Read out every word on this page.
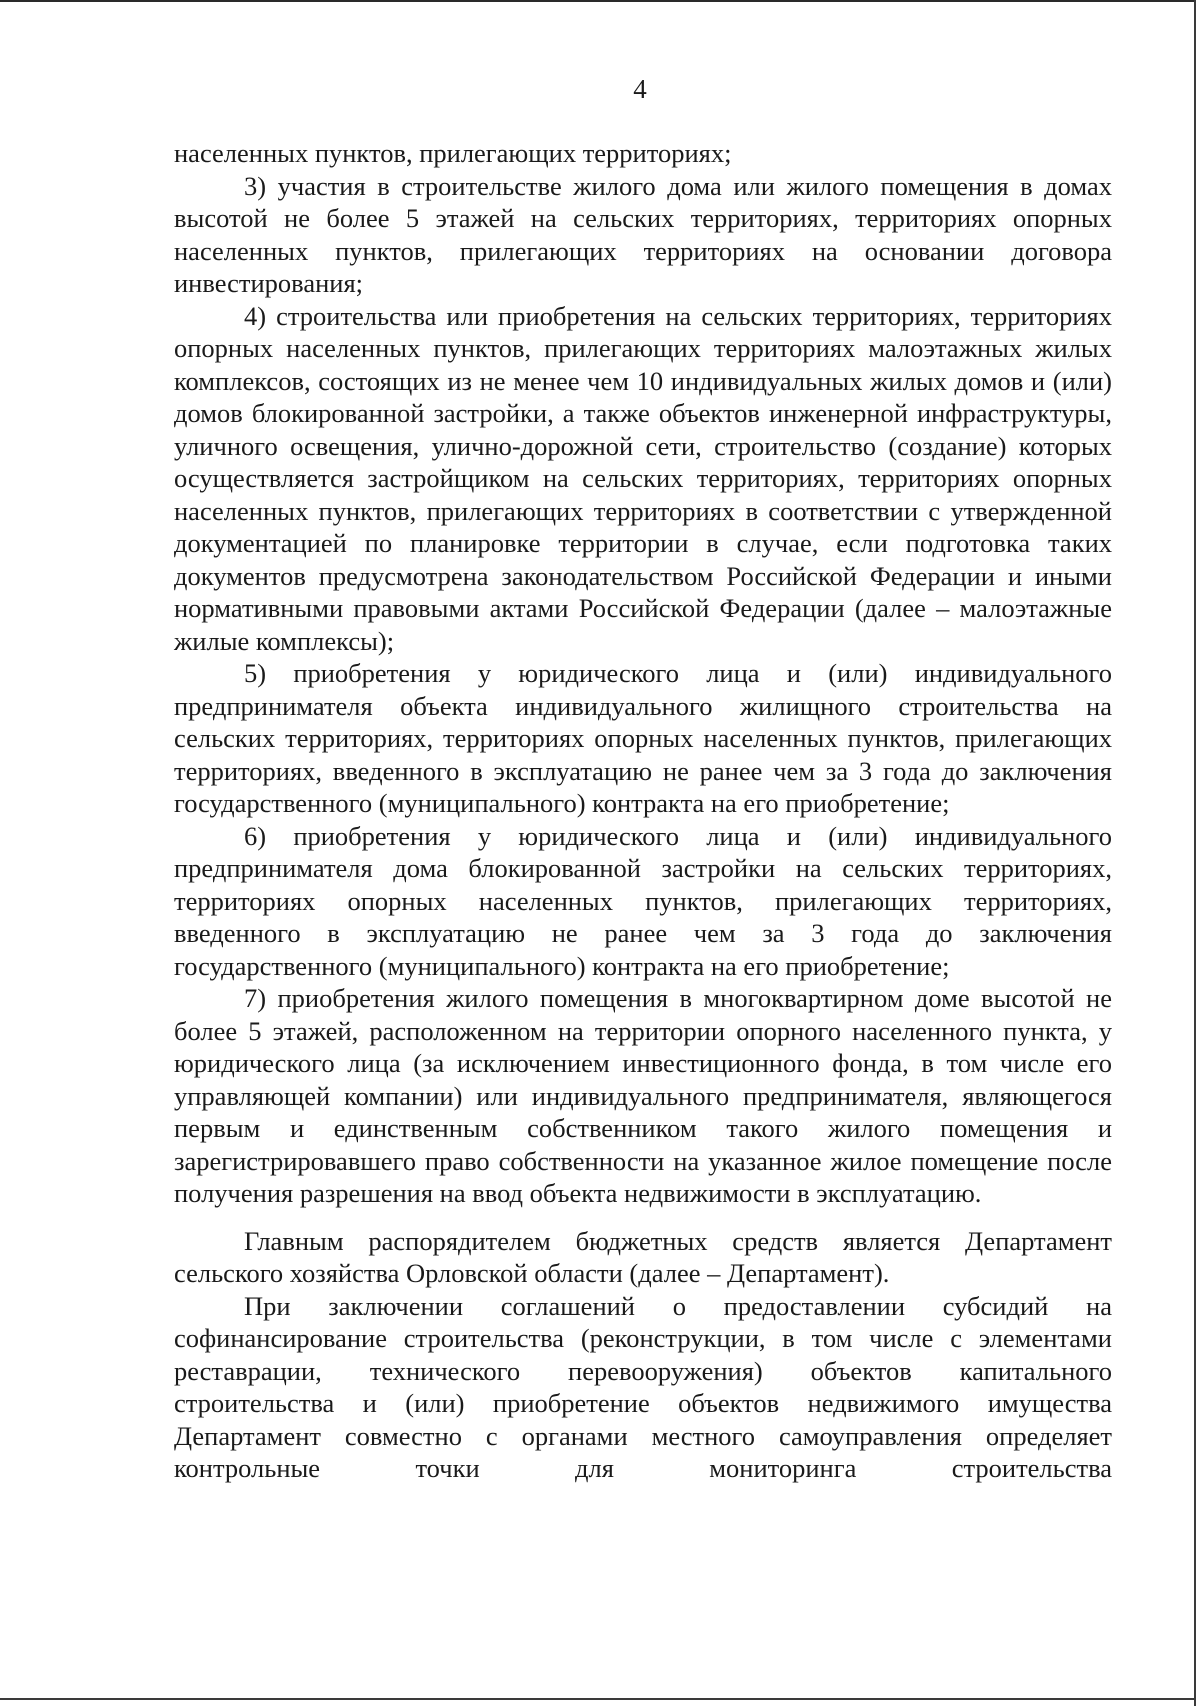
4

населенных пунктов, прилегающих территориях;

3) участия в строительстве жилого дома или жилого помещения в домах высотой не более 5 этажей на сельских территориях, территориях опорных населенных пунктов, прилегающих территориях на основании договора инвестирования;

4) строительства или приобретения на сельских территориях, территориях опорных населенных пунктов, прилегающих территориях малоэтажных жилых комплексов, состоящих из не менее чем 10 индивидуальных жилых домов и (или) домов блокированной застройки, а также объектов инженерной инфраструктуры, уличного освещения, улично-дорожной сети, строительство (создание) которых осуществляется застройщиком на сельских территориях, территориях опорных населенных пунктов, прилегающих территориях в соответствии с утвержденной документацией по планировке территории в случае, если подготовка таких документов предусмотрена законодательством Российской Федерации и иными нормативными правовыми актами Российской Федерации (далее – малоэтажные жилые комплексы);

5) приобретения у юридического лица и (или) индивидуального предпринимателя объекта индивидуального жилищного строительства на сельских территориях, территориях опорных населенных пунктов, прилегающих территориях, введенного в эксплуатацию не ранее чем за 3 года до заключения государственного (муниципального) контракта на его приобретение;

6) приобретения у юридического лица и (или) индивидуального предпринимателя дома блокированной застройки на сельских территориях, территориях опорных населенных пунктов, прилегающих территориях, введенного в эксплуатацию не ранее чем за 3 года до заключения государственного (муниципального) контракта на его приобретение;

7) приобретения жилого помещения в многоквартирном доме высотой не более 5 этажей, расположенном на территории опорного населенного пункта, у юридического лица (за исключением инвестиционного фонда, в том числе его управляющей компании) или индивидуального предпринимателя, являющегося первым и единственным собственником такого жилого помещения и зарегистрировавшего право собственности на указанное жилое помещение после получения разрешения на ввод объекта недвижимости в эксплуатацию.

Главным распорядителем бюджетных средств является Департамент сельского хозяйства Орловской области (далее – Департамент).

При заключении соглашений о предоставлении субсидий на софинансирование строительства (реконструкции, в том числе с элементами реставрации, технического перевооружения) объектов капитального строительства и (или) приобретение объектов недвижимого имущества Департамент совместно с органами местного самоуправления определяет контрольные точки для мониторинга строительства
